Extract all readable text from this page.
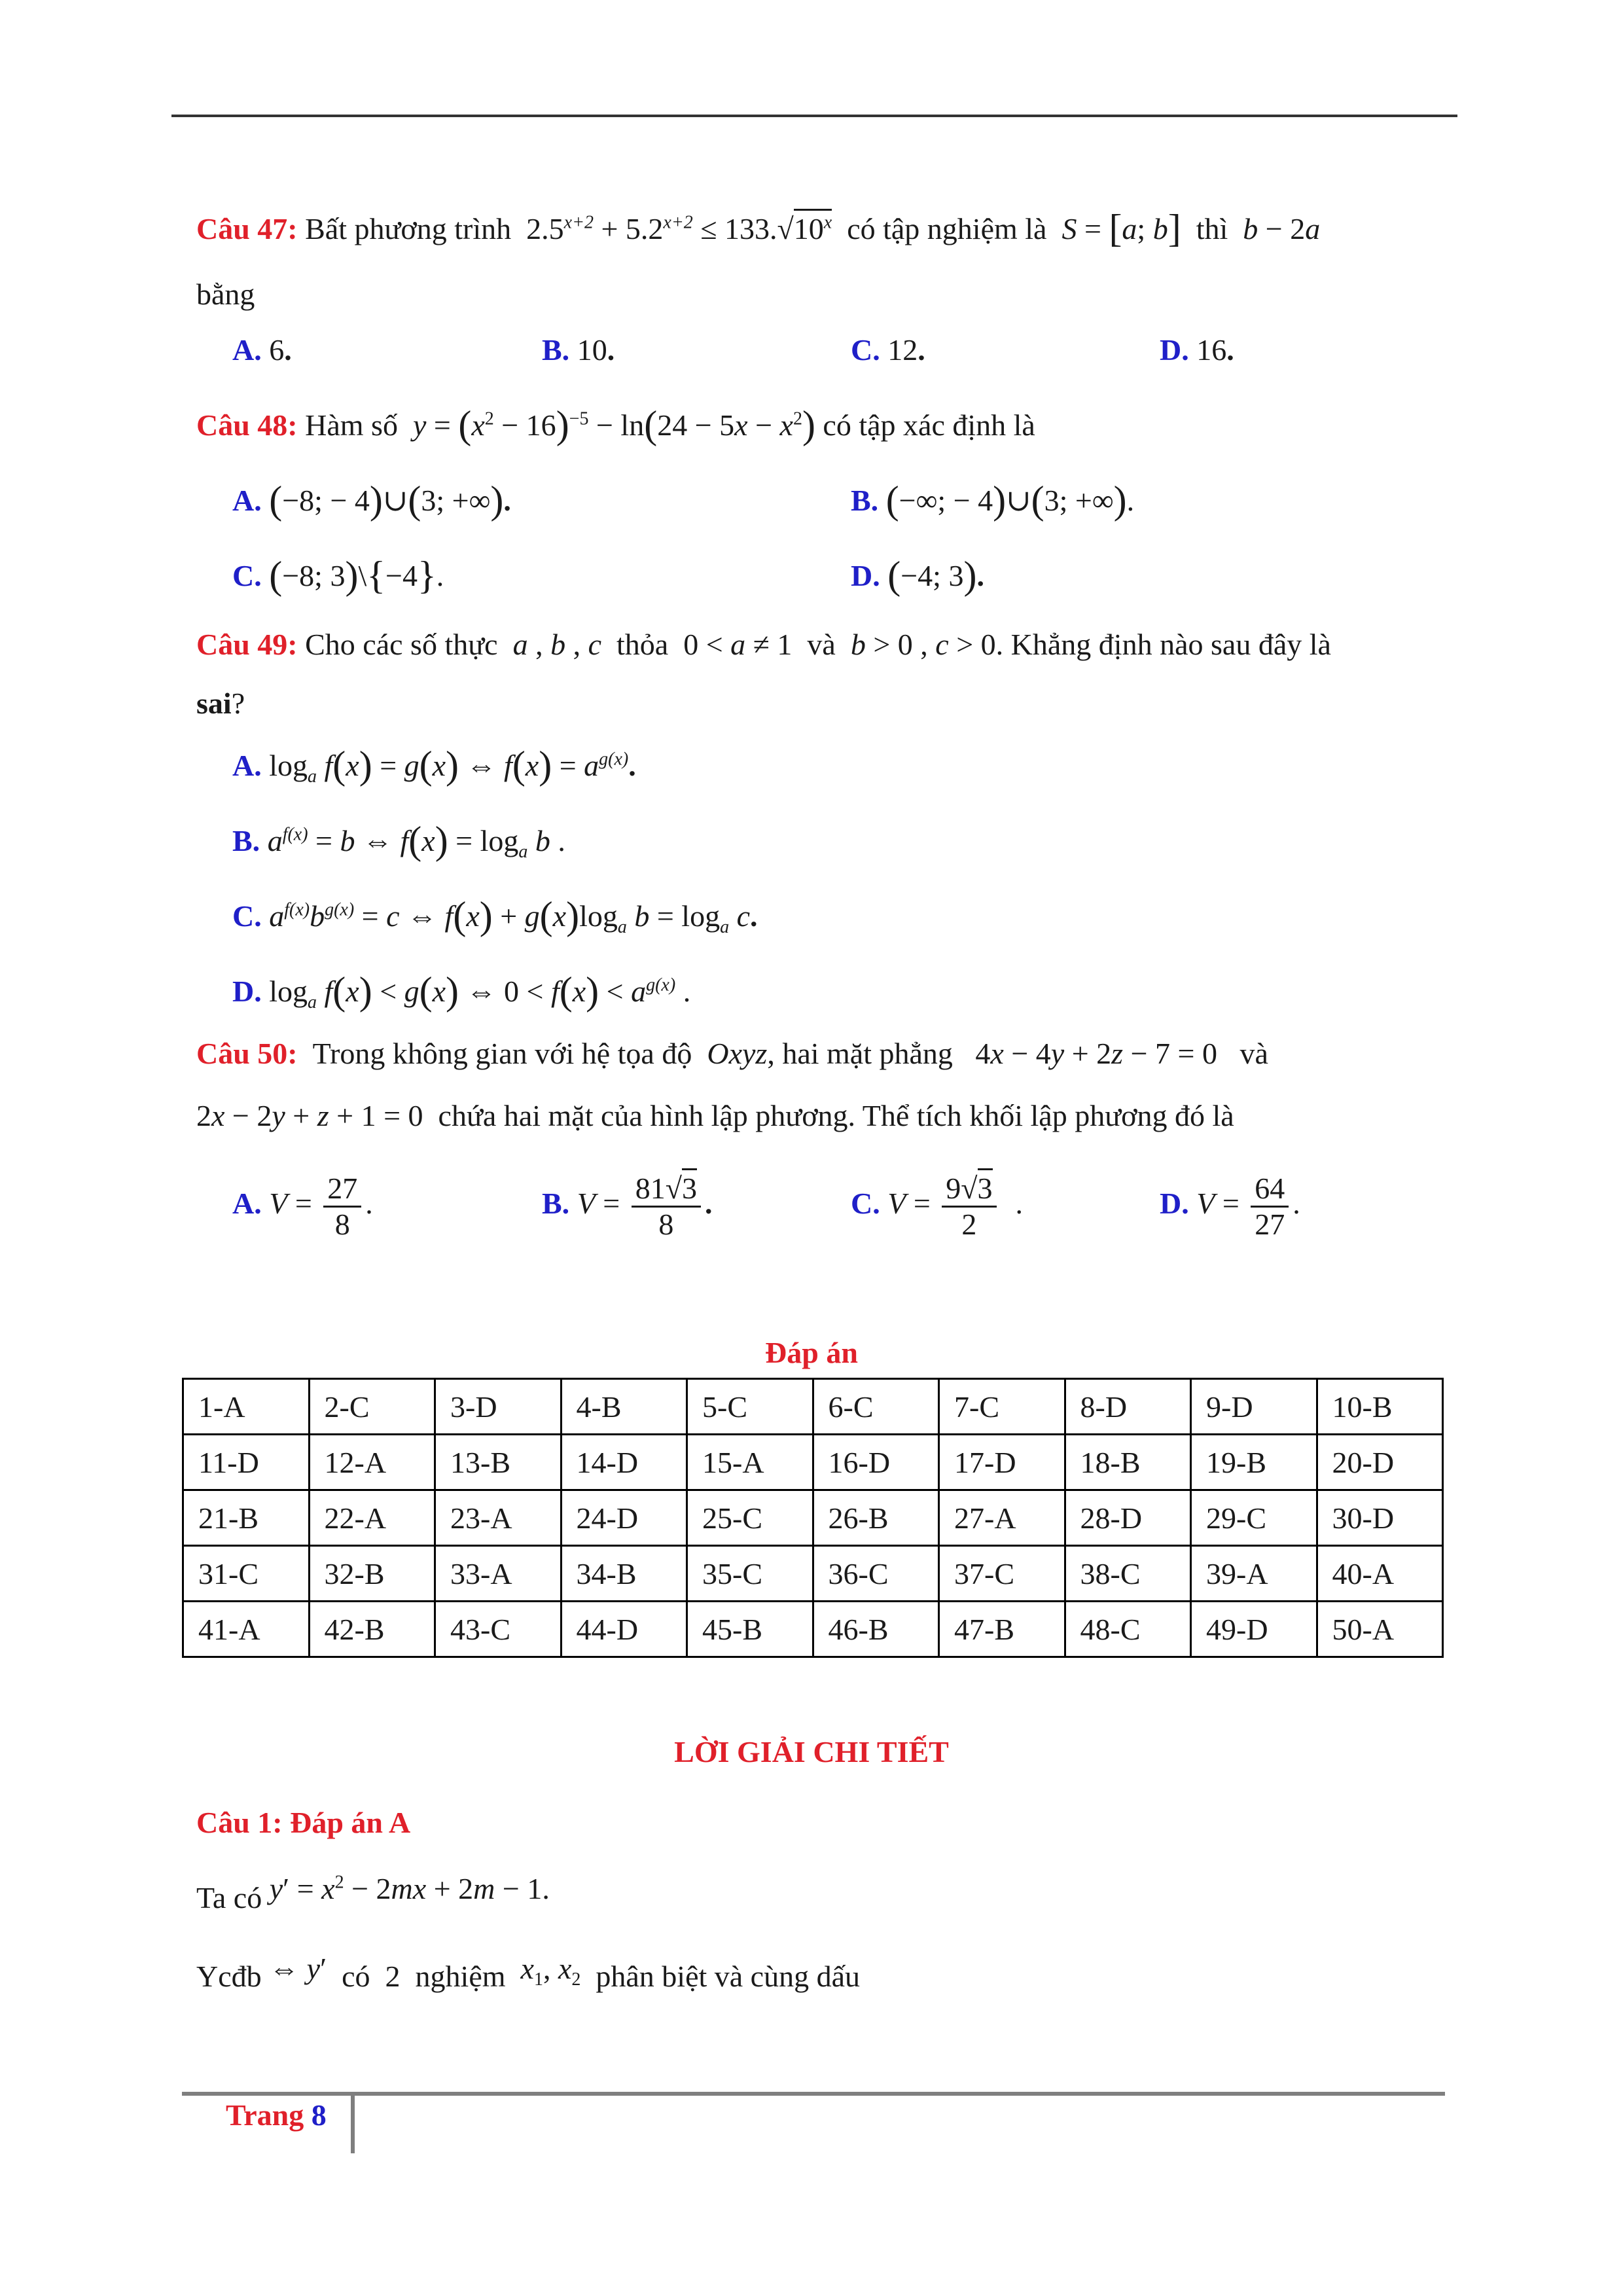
Câu 47: Bất phương trình $2.5^{x+2} + 5.2^{x+2} \le 133.√10^x$ có tập nghiệm là S = [a; b] thì b − 2a
bằng
A. 6.	B. 10.	C. 12.	D. 16.
Câu 48: Hàm số $y = (x^2 - 16)^{-5} - \ln(24 - 5x - x^2)$ có tập xác định là
A. (−8; − 4)∪(3; +∞).	B. (−∞; − 4)∪(3; +∞).
C. (−8; 3)\{−4}.	D. (−4; 3).
Câu 49: Cho các số thực a , b , c thỏa  0 < a ≠ 1  và b > 0 , c > 0. Khẳng định nào sau đây là
sai?
A. $\log_a f(x) = g(x)$ ⇔ $f(x) = a^{g(x)}$.
B. $a^{f(x)} = b$ ⇔ $f(x) = \log_a b$ .
C. $a^{f(x)}b^{g(x)} = c$ ⇔ $f(x) + g(x)\log_a$ $b = \log_a c$.
D. $\log_a f(x) < g(x)$ ⇔ $0 < f(x) < a^{g(x)}$ .
Câu 50: Trong không gian với hệ tọa độ Oxyz, hai mặt phẳng   4x − 4y + 2z − 7 = 0   và
2x − 2y + z + 1 = 0  chứa hai mặt của hình lập phương. Thể tích khối lập phương đó là
A. $V = \frac{27}{8}$ .	B. $V = \frac{81√3}{8}$ .	C. $V = \frac{9√3}{2}$ .	D. $V = \frac{64}{27}$ .
Đáp án
1-A	2-C	3-D	4-B	5-C	6-C	7-C	8-D	9-D	10-B
11-D	12-A	13-B	14-D	15-A	16-D	17-D	18-B	19-B	20-D
21-B	22-A	23-A	24-D	25-C	26-B	27-A	28-D	29-C	30-D
31-C	32-B	33-A	34-B	35-C	36-C	37-C	38-C	39-A	40-A
41-A	42-B	43-C	44-D	45-B	46-B	47-B	48-C	49-D	50-A
LỜI GIẢI CHI TIẾT
Câu 1: Đáp án A
Ta có $y' = x^2 - 2mx + 2m - 1$.
Ycđb ⇔ y′ có 2 nghiệm $x_1$, $x_2$ phân biệt và cùng dấu
Trang 8
